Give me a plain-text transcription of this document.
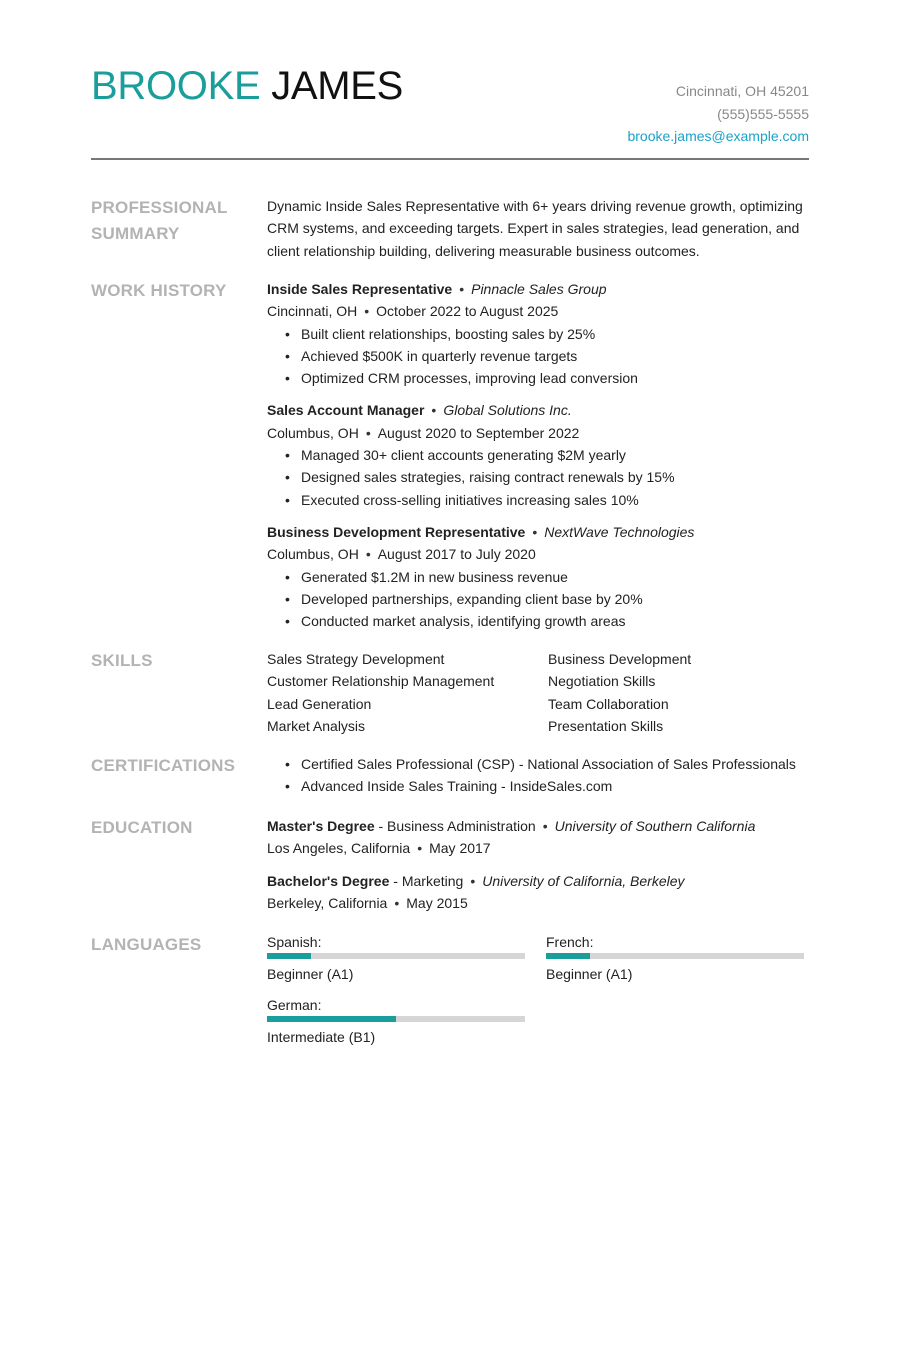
BROOKE JAMES	Cincinnati, OH 45201
(555)555-5555
brooke.james@example.com
PROFESSIONAL
SUMMARY
Dynamic Inside Sales Representative with 6+ years driving revenue growth, optimizing CRM systems, and exceeding targets. Expert in sales strategies, lead generation, and client relationship building, delivering measurable business outcomes.
WORK HISTORY	Inside Sales Representative • Pinnacle Sales Group
Cincinnati, OH • October 2022 to August 2025
• Built client relationships, boosting sales by 25%
• Achieved $500K in quarterly revenue targets
• Optimized CRM processes, improving lead conversion
Sales Account Manager • Global Solutions Inc.
Columbus, OH • August 2020 to September 2022
• Managed 30+ client accounts generating $2M yearly
• Designed sales strategies, raising contract renewals by 15%
• Executed cross-selling initiatives increasing sales 10%
Business Development Representative • NextWave Technologies
Columbus, OH • August 2017 to July 2020
• Generated $1.2M in new business revenue
• Developed partnerships, expanding client base by 20%
• Conducted market analysis, identifying growth areas
SKILLS	Sales Strategy Development	Business Development
Customer Relationship Management	Negotiation Skills
Lead Generation	Team Collaboration
Market Analysis	Presentation Skills
CERTIFICATIONS	• Certified Sales Professional (CSP) - National Association of Sales Professionals
• Advanced Inside Sales Training - InsideSales.com
EDUCATION	Master's Degree - Business Administration • University of Southern California
Los Angeles, California • May 2017
Bachelor's Degree - Marketing • University of California, Berkeley
Berkeley, California • May 2015
LANGUAGES	Spanish:
Beginner (A1)
French:
Beginner (A1)
German:
Intermediate (B1)
